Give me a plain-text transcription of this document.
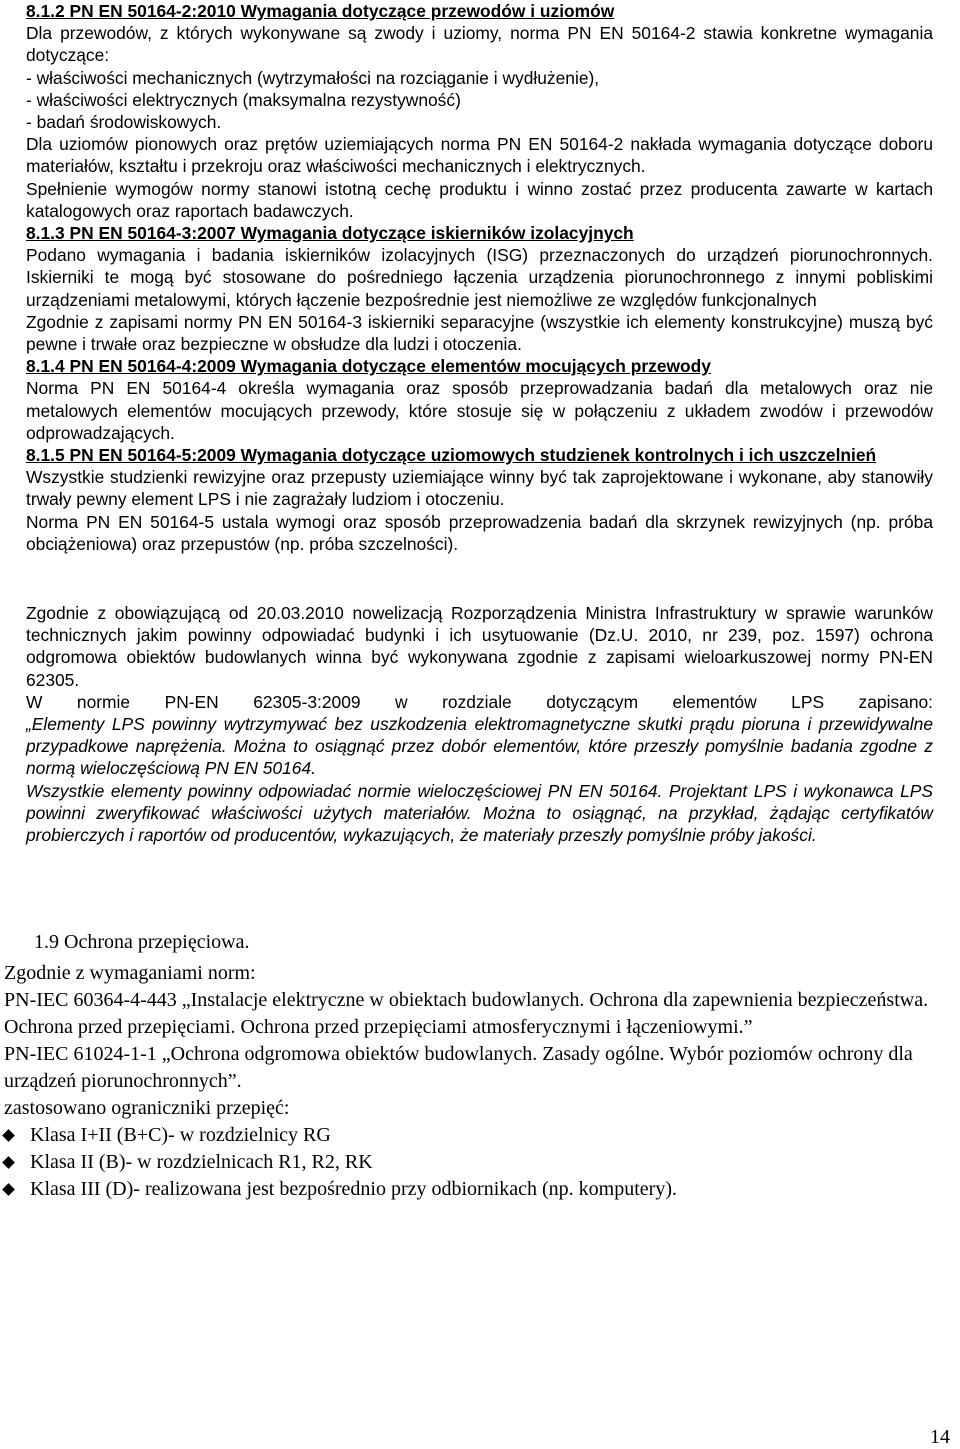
8.1.2 PN EN 50164-2:2010 Wymagania dotyczące przewodów i uziomów

Dla przewodów, z których wykonywane są zwody i uziomy, norma PN EN 50164-2 stawia konkretne wymagania dotyczące:

- właściwości mechanicznych (wytrzymałości na rozciąganie i wydłużenie),

- właściwości elektrycznych (maksymalna rezystywność)

- badań środowiskowych.

Dla uziomów pionowych oraz prętów uziemiających norma PN EN 50164-2 nakłada wymagania dotyczące doboru materiałów, kształtu i przekroju oraz właściwości mechanicznych i elektrycznych.

Spełnienie wymogów normy stanowi istotną cechę produktu i winno zostać przez producenta zawarte w kartach katalogowych oraz raportach badawczych.

8.1.3 PN EN 50164-3:2007 Wymagania dotyczące iskierników izolacyjnych

Podano wymagania i badania iskierników izolacyjnych (ISG) przeznaczonych do urządzeń piorunochronnych. Iskierniki te mogą być stosowane do pośredniego łączenia urządzenia piorunochronnego z innymi pobliskimi urządzeniami metalowymi, których łączenie bezpośrednie jest niemożliwe ze względów funkcjonalnych

Zgodnie z zapisami normy PN EN 50164-3 iskierniki separacyjne (wszystkie ich elementy konstrukcyjne) muszą być pewne i trwałe oraz bezpieczne w obsłudze dla ludzi i otoczenia.

8.1.4 PN EN 50164-4:2009 Wymagania dotyczące elementów mocujących przewody

Norma PN EN 50164-4 określa wymagania oraz sposób przeprowadzania badań dla metalowych oraz nie metalowych elementów mocujących przewody, które stosuje się w połączeniu z układem zwodów i przewodów odprowadzających.

8.1.5 PN EN 50164-5:2009 Wymagania dotyczące uziomowych studzienek kontrolnych i ich uszczelnień

Wszystkie studzienki rewizyjne oraz przepusty uziemiające winny być tak zaprojektowane i wykonane, aby stanowiły trwały pewny element LPS i nie zagrażały ludziom i otoczeniu.

Norma PN EN 50164-5 ustala wymogi oraz sposób przeprowadzenia badań dla skrzynek rewizyjnych (np. próba obciążeniowa) oraz przepustów (np. próba szczelności).

Zgodnie z obowiązującą od 20.03.2010 nowelizacją Rozporządzenia Ministra Infrastruktury w sprawie warunków technicznych jakim powinny odpowiadać budynki i ich usytuowanie (Dz.U. 2010, nr 239, poz. 1597) ochrona odgromowa obiektów budowlanych winna być wykonywana zgodnie z zapisami wieloarkuszowej normy PN-EN 62305.

W normie PN-EN 62305-3:2009 w rozdziale dotyczącym elementów LPS zapisano:

„Elementy LPS powinny wytrzymywać bez uszkodzenia elektromagnetyczne skutki prądu pioruna i przewidywalne przypadkowe naprężenia. Można to osiągnąć przez dobór elementów, które przeszły pomyślnie badania zgodne z normą wieloczęściową PN EN 50164.

Wszystkie elementy powinny odpowiadać normie wieloczęściowej PN EN 50164. Projektant LPS i wykonawca LPS powinni zweryfikować właściwości użytych materiałów. Można to osiągnąć, na przykład, żądając certyfikatów probierczych i raportów od producentów, wykazujących, że materiały przeszły pomyślnie próby jakości.

1.9 Ochrona przepięciowa.

Zgodnie z wymaganiami norm:

PN-IEC 60364-4-443 „Instalacje elektryczne w obiektach budowlanych. Ochrona dla zapewnienia bezpieczeństwa. Ochrona przed przepięciami. Ochrona przed przepięciami atmosferycznymi i łączeniowymi.”

PN-IEC 61024-1-1 „Ochrona odgromowa obiektów budowlanych. Zasady ogólne. Wybór poziomów ochrony dla urządzeń piorunochronnych”.

zastosowano ograniczniki przepięć:

Klasa I+II (B+C)- w rozdzielnicy RG

Klasa II (B)- w rozdzielnicach R1, R2, RK

Klasa III (D)- realizowana jest bezpośrednio przy odbiornikach (np. komputery).

14
